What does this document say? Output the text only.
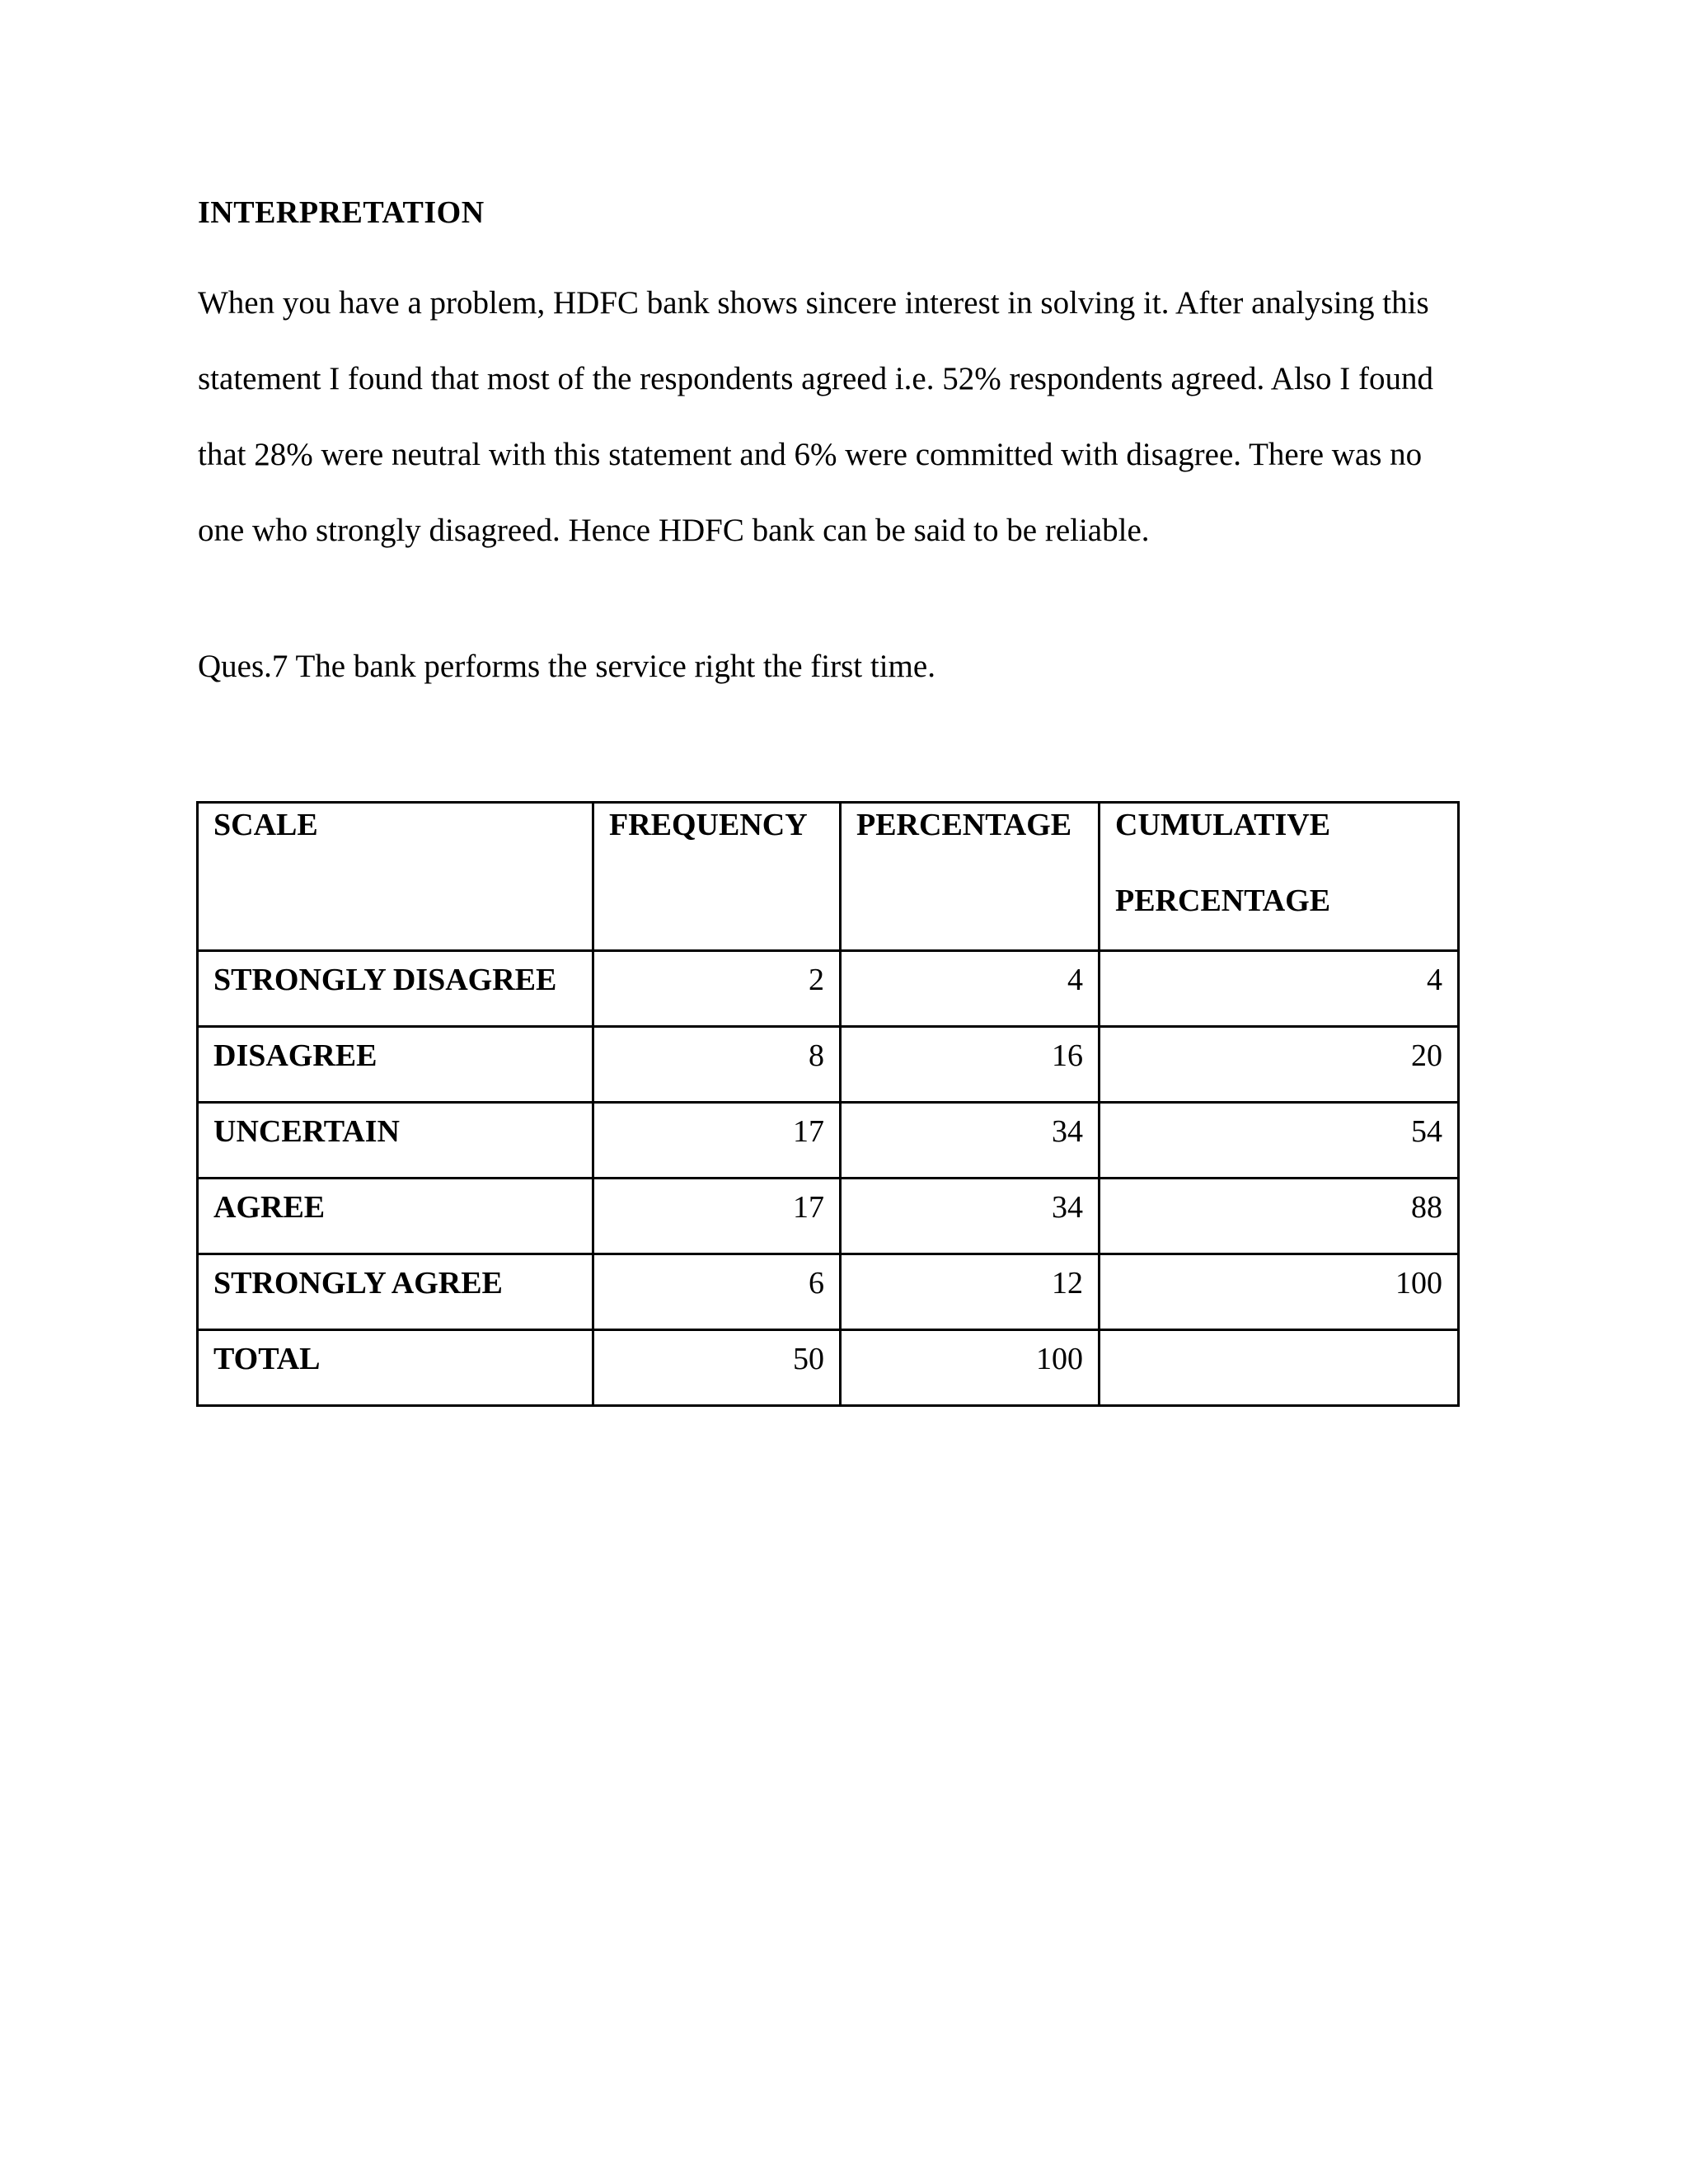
INTERPRETATION
When you have a problem, HDFC bank shows sincere interest in solving it. After analysing this
statement I found that most of the respondents agreed i.e. 52% respondents agreed. Also I found
that 28% were neutral with this statement and 6% were committed with disagree. There was no
one who strongly disagreed. Hence HDFC bank can be said to be reliable.
Ques.7 The bank performs the service right the first time.
SCALE	FREQUENCY	PERCENTAGE	CUMULATIVE
PERCENTAGE

STRONGLY DISAGREE	2	4	4
DISAGREE	8	16	20
UNCERTAIN	17	34	54
AGREE	17	34	88
STRONGLY AGREE	6	12	100
TOTAL	50	100	
